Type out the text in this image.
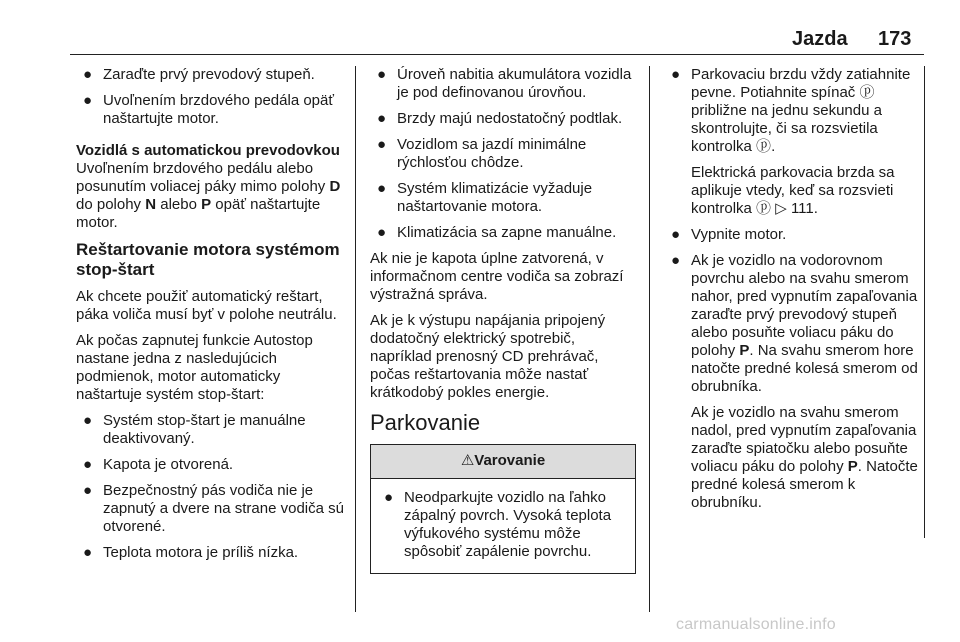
Jazda 173
● Zaraďte prvý prevodový stupeň.
● Uvoľnením brzdového pedála opäť naštartujte motor.

Vozidlá s automatickou prevodovkou

Uvoľnením brzdového pedálu alebo posunutím voliacej páky mimo polohy D do polohy N alebo P opäť naštartujte motor.

Reštartovanie motora systémom stop-štart

Ak chcete použiť automatický reštart, páka voliča musí byť v polohe neutrálu.

Ak počas zapnutej funkcie Autostop nastane jedna z nasledujúcich podmienok, motor automaticky naštartuje systém stop-štart:

● Systém stop-štart je manuálne deaktivovaný.
● Kapota je otvorená.
● Bezpečnostný pás vodiča nie je zapnutý a dvere na strane vodiča sú otvorené.
● Teplota motora je príliš nízka.
● Úroveň nabitia akumulátora vozidla je pod definovanou úrovňou.
● Brzdy majú nedostatočný podtlak.
● Vozidlom sa jazdí minimálne rýchlosťou chôdze.
● Systém klimatizácie vyžaduje naštartovanie motora.
● Klimatizácia sa zapne manuálne.

Ak nie je kapota úplne zatvorená, v informačnom centre vodiča sa zobrazí výstražná správa.

Ak je k výstupu napájania pripojený dodatočný elektrický spotrebič, napríklad prenosný CD prehrávač, počas reštartovania môže nastať krátkodobý pokles energie.

Parkovanie

⚠Varovanie
● Neodparkujte vozidlo na ľahko zápalný povrch. Vysoká teplota výfukového systému môže spôsobiť zapálenie povrchu.
● Parkovaciu brzdu vždy zatiahnite pevne. Potiahnite spínač ⓟ približne na jednu sekundu a skontrolujte, či sa rozsvietila kontrolka ⓟ.

Elektrická parkovacia brzda sa aplikuje vtedy, keď sa rozsvieti kontrolka ⓟ ▷ 111.

● Vypnite motor.
● Ak je vozidlo na vodorovnom povrchu alebo na svahu smerom nahor, pred vypnutím zapaľovania zaraďte prvý prevodový stupeň alebo posuňte voliacu páku do polohy P. Na svahu smerom hore natočte predné kolesá smerom od obrubníka.

Ak je vozidlo na svahu smerom nadol, pred vypnutím zapaľovania zaraďte spiatočku alebo posuňte voliacu páku do polohy P. Natočte predné kolesá smerom k obrubníku.

carmanualsonline.info
